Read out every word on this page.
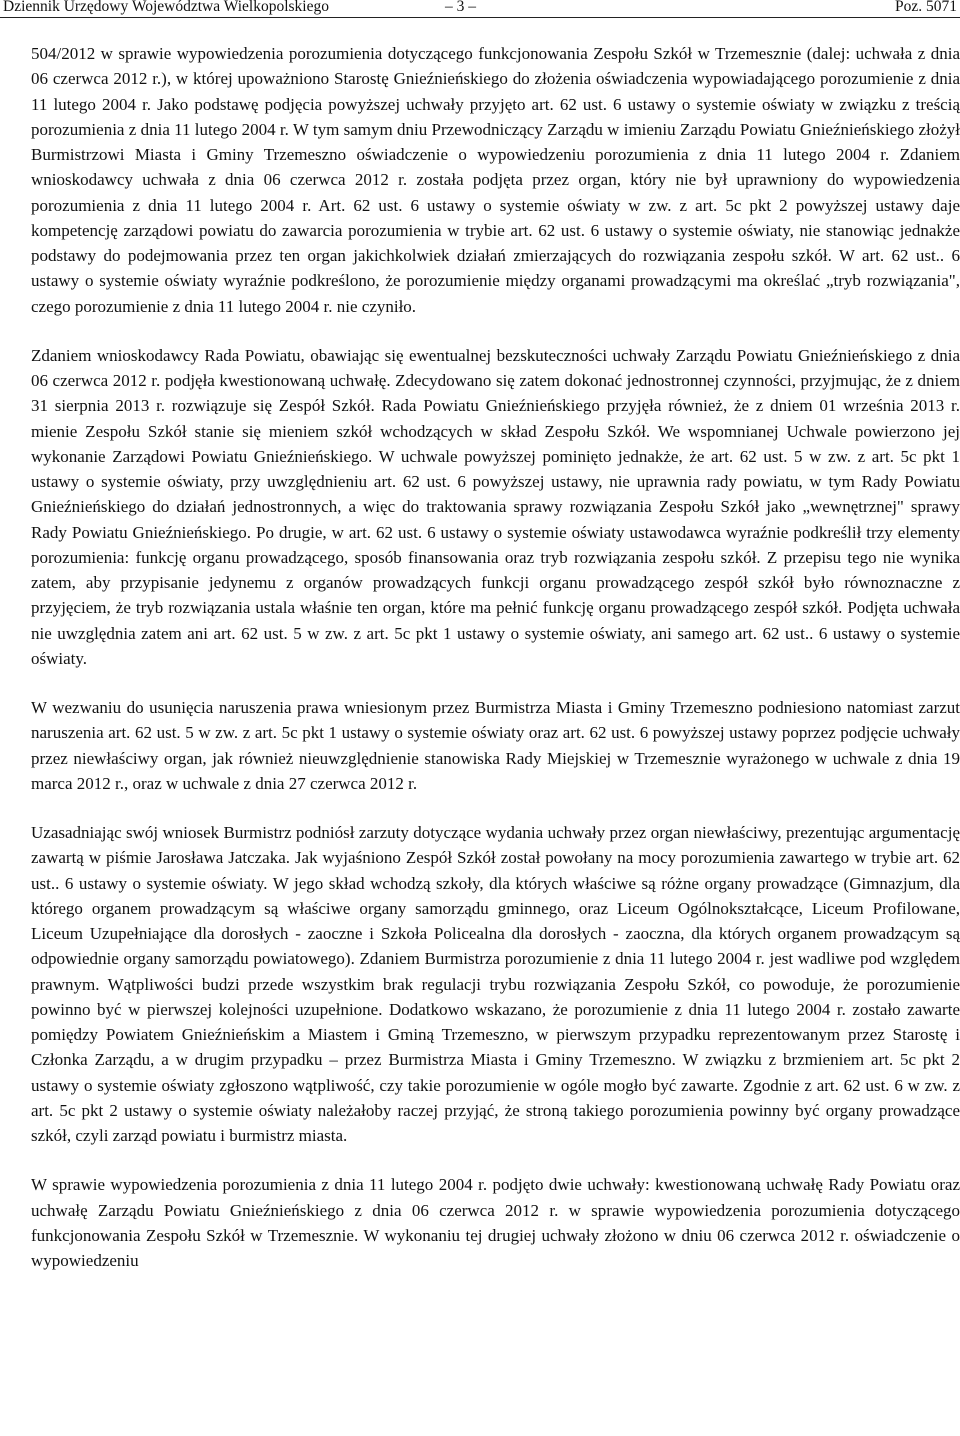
Dziennik Urzędowy Województwa Wielkopolskiego	– 3 –	Poz. 5071

504/2012 w sprawie wypowiedzenia porozumienia dotyczącego funkcjonowania Zespołu Szkół w Trzemesznie (dalej: uchwała z dnia 06 czerwca 2012 r.), w której upoważniono Starostę Gnieźnieńskiego do złożenia oświadczenia wypowiadającego porozumienie z dnia 11 lutego 2004 r. Jako podstawę podjęcia powyższej uchwały przyjęto art. 62 ust. 6 ustawy o systemie oświaty w związku z treścią porozumienia z dnia 11 lutego 2004 r. W tym samym dniu Przewodniczący Zarządu w imieniu Zarządu Powiatu Gnieźnieńskiego złożył Burmistrzowi Miasta i Gminy Trzemeszno oświadczenie o wypowiedzeniu porozumienia z dnia 11 lutego 2004 r. Zdaniem wnioskodawcy uchwała z dnia 06 czerwca 2012 r. została podjęta przez organ, który nie był uprawniony do wypowiedzenia porozumienia z dnia 11 lutego 2004 r. Art. 62 ust. 6 ustawy o systemie oświaty w zw. z art. 5c pkt 2 powyższej ustawy daje kompetencję zarządowi powiatu do zawarcia porozumienia w trybie art. 62 ust. 6 ustawy o systemie oświaty, nie stanowiąc jednakże podstawy do podejmowania przez ten organ jakichkolwiek działań zmierzających do rozwiązania zespołu szkół. W art. 62 ust.. 6 ustawy o systemie oświaty wyraźnie podkreślono, że porozumienie między organami prowadzącymi ma określać „tryb rozwiązania", czego porozumienie z dnia 11 lutego 2004 r. nie czyniło.

Zdaniem wnioskodawcy Rada Powiatu, obawiając się ewentualnej bezskuteczności uchwały Zarządu Powiatu Gnieźnieńskiego z dnia 06 czerwca 2012 r. podjęła kwestionowaną uchwałę. Zdecydowano się zatem dokonać jednostronnej czynności, przyjmując, że z dniem 31 sierpnia 2013 r. rozwiązuje się Zespół Szkół. Rada Powiatu Gnieźnieńskiego przyjęła również, że z dniem 01 września 2013 r. mienie Zespołu Szkół stanie się mieniem szkół wchodzących w skład Zespołu Szkół. We wspomnianej Uchwale powierzono jej wykonanie Zarządowi Powiatu Gnieźnieńskiego. W uchwale powyższej pominięto jednakże, że art. 62 ust. 5 w zw. z art. 5c pkt 1 ustawy o systemie oświaty, przy uwzględnieniu art. 62 ust. 6 powyższej ustawy, nie uprawnia rady powiatu, w tym Rady Powiatu Gnieźnieńskiego do działań jednostronnych, a więc do traktowania sprawy rozwiązania Zespołu Szkół jako „wewnętrznej" sprawy Rady Powiatu Gnieźnieńskiego. Po drugie, w art. 62 ust. 6 ustawy o systemie oświaty ustawodawca wyraźnie podkreślił trzy elementy porozumienia: funkcję organu prowadzącego, sposób finansowania oraz tryb rozwiązania zespołu szkół. Z przepisu tego nie wynika zatem, aby przypisanie jedynemu z organów prowadzących funkcji organu prowadzącego zespół szkół było równoznaczne z przyjęciem, że tryb rozwiązania ustala właśnie ten organ, które ma pełnić funkcję organu prowadzącego zespół szkół. Podjęta uchwała nie uwzględnia zatem ani art. 62 ust. 5 w zw. z art. 5c pkt 1 ustawy o systemie oświaty, ani samego art. 62 ust.. 6 ustawy o systemie oświaty.

W wezwaniu do usunięcia naruszenia prawa wniesionym przez Burmistrza Miasta i Gminy Trzemeszno podniesiono natomiast zarzut naruszenia art. 62 ust. 5 w zw. z art. 5c pkt 1 ustawy o systemie oświaty oraz art. 62 ust. 6 powyższej ustawy poprzez podjęcie uchwały przez niewłaściwy organ, jak również nieuwzględnienie stanowiska Rady Miejskiej w Trzemesznie wyrażonego w uchwale z dnia 19 marca 2012 r., oraz w uchwale z dnia 27 czerwca 2012 r.

Uzasadniając swój wniosek Burmistrz podniósł zarzuty dotyczące wydania uchwały przez organ niewłaściwy, prezentując argumentację zawartą w piśmie Jarosława Jatczaka. Jak wyjaśniono Zespół Szkół został powołany na mocy porozumienia zawartego w trybie art. 62 ust.. 6 ustawy o systemie oświaty. W jego skład wchodzą szkoły, dla których właściwe są różne organy prowadzące (Gimnazjum, dla którego organem prowadzącym są właściwe organy samorządu gminnego, oraz Liceum Ogólnokształcące, Liceum Profilowane, Liceum Uzupełniające dla dorosłych - zaoczne i Szkoła Policealna dla dorosłych - zaoczna, dla których organem prowadzącym są odpowiednie organy samorządu powiatowego). Zdaniem Burmistrza porozumienie z dnia 11 lutego 2004 r. jest wadliwe pod względem prawnym. Wątpliwości budzi przede wszystkim brak regulacji trybu rozwiązania Zespołu Szkół, co powoduje, że porozumienie powinno być w pierwszej kolejności uzupełnione. Dodatkowo wskazano, że porozumienie z dnia 11 lutego 2004 r. zostało zawarte pomiędzy Powiatem Gnieźnieńskim a Miastem i Gminą Trzemeszno, w pierwszym przypadku reprezentowanym przez Starostę i Członka Zarządu, a w drugim przypadku – przez Burmistrza Miasta i Gminy Trzemeszno. W związku z brzmieniem art. 5c pkt 2 ustawy o systemie oświaty zgłoszono wątpliwość, czy takie porozumienie w ogóle mogło być zawarte. Zgodnie z art. 62 ust. 6 w zw. z art. 5c pkt 2 ustawy o systemie oświaty należałoby raczej przyjąć, że stroną takiego porozumienia powinny być organy prowadzące szkół, czyli zarząd powiatu i burmistrz miasta.

W sprawie wypowiedzenia porozumienia z dnia 11 lutego 2004 r. podjęto dwie uchwały: kwestionowaną uchwałę Rady Powiatu oraz uchwałę Zarządu Powiatu Gnieźnieńskiego z dnia 06 czerwca 2012 r. w sprawie wypowiedzenia porozumienia dotyczącego funkcjonowania Zespołu Szkół w Trzemesznie. W wykonaniu tej drugiej uchwały złożono w dniu 06 czerwca 2012 r. oświadczenie o wypowiedzeniu
